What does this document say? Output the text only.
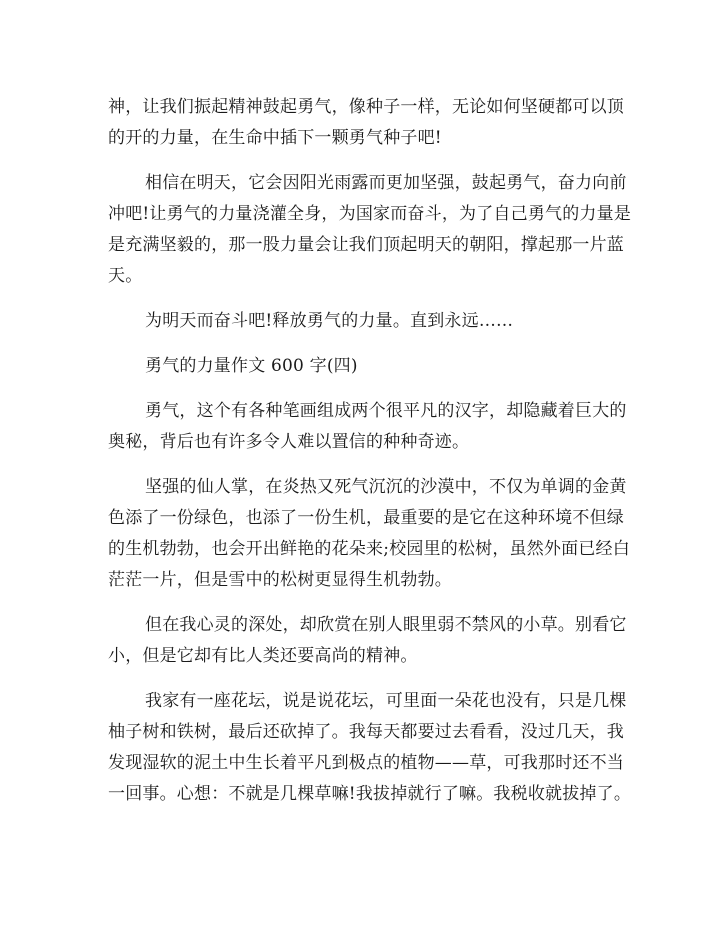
神，让我们振起精神鼓起勇气，像种子一样，无论如何坚硬都可以顶
的开的力量，在生命中插下一颗勇气种子吧!
相信在明天，它会因阳光雨露而更加坚强，鼓起勇气，奋力向前
冲吧!让勇气的力量浇灌全身，为国家而奋斗，为了自己勇气的力量是
是充满坚毅的，那一股力量会让我们顶起明天的朝阳，撑起那一片蓝
天。
为明天而奋斗吧!释放勇气的力量。直到永远……
勇气的力量作文 600 字(四)
勇气，这个有各种笔画组成两个很平凡的汉字，却隐藏着巨大的
奥秘，背后也有许多令人难以置信的种种奇迹。
坚强的仙人掌，在炎热又死气沉沉的沙漠中，不仅为单调的金黄
色添了一份绿色，也添了一份生机，最重要的是它在这种环境不但绿
的生机勃勃，也会开出鲜艳的花朵来;校园里的松树，虽然外面已经白
茫茫一片，但是雪中的松树更显得生机勃勃。
但在我心灵的深处，却欣赏在别人眼里弱不禁风的小草。别看它
小，但是它却有比人类还要高尚的精神。
我家有一座花坛，说是说花坛，可里面一朵花也没有，只是几棵
柚子树和铁树，最后还砍掉了。我每天都要过去看看，没过几天，我
发现湿软的泥土中生长着平凡到极点的植物——草，可我那时还不当
一回事。心想：不就是几棵草嘛!我拔掉就行了嘛。我税收就拔掉了。
